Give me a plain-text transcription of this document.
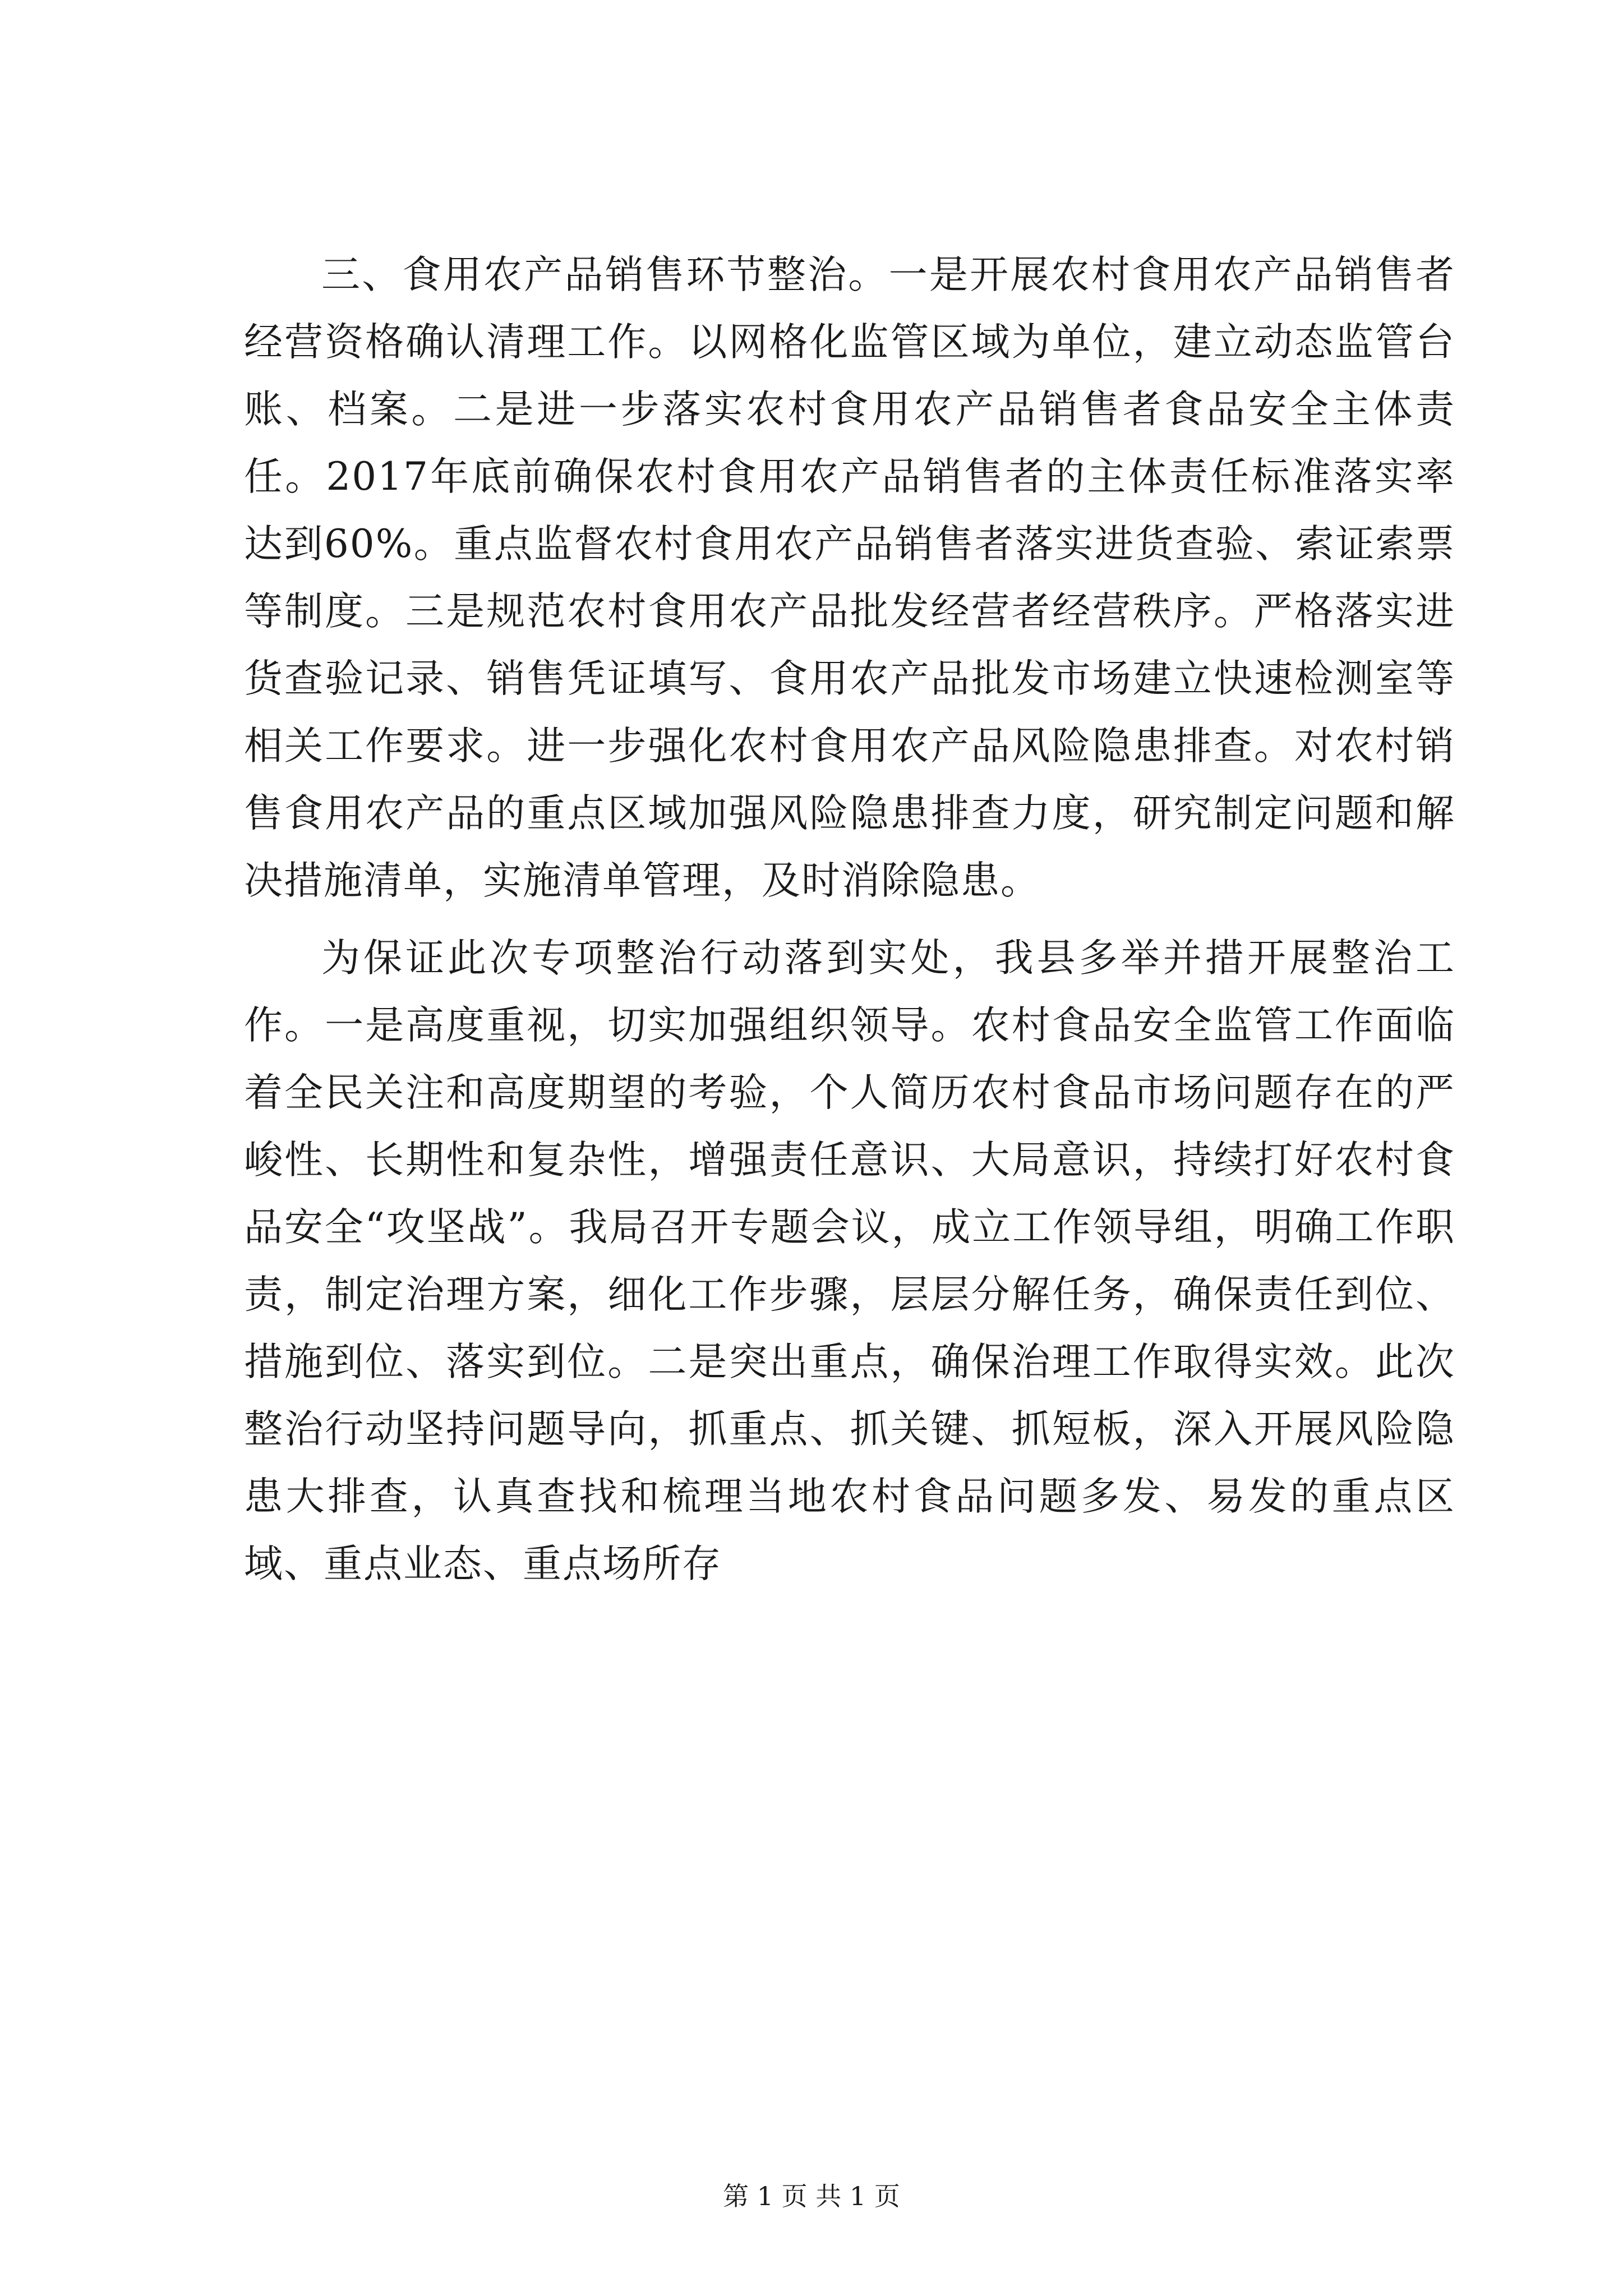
三、食用农产品销售环节整治。一是开展农村食用农产品销售者经营资格确认清理工作。以网格化监管区域为单位，建立动态监管台账、档案。二是进一步落实农村食用农产品销售者食品安全主体责任。2017年底前确保农村食用农产品销售者的主体责任标准落实率达到60%。重点监督农村食用农产品销售者落实进货查验、索证索票等制度。三是规范农村食用农产品批发经营者经营秩序。严格落实进货查验记录、销售凭证填写、食用农产品批发市场建立快速检测室等相关工作要求。进一步强化农村食用农产品风险隐患排查。对农村销售食用农产品的重点区域加强风险隐患排查力度，研究制定问题和解决措施清单，实施清单管理，及时消除隐患。

为保证此次专项整治行动落到实处，我县多举并措开展整治工作。一是高度重视，切实加强组织领导。农村食品安全监管工作面临着全民关注和高度期望的考验，个人简历农村食品市场问题存在的严峻性、长期性和复杂性，增强责任意识、大局意识，持续打好农村食品安全“攻坚战”。我局召开专题会议，成立工作领导组，明确工作职责，制定治理方案，细化工作步骤，层层分解任务，确保责任到位、措施到位、落实到位。二是突出重点，确保治理工作取得实效。此次整治行动坚持问题导向，抓重点、抓关键、抓短板，深入开展风险隐患大排查，认真查找和梳理当地农村食品问题多发、易发的重点区域、重点业态、重点场所存

第 1 页 共 1 页
